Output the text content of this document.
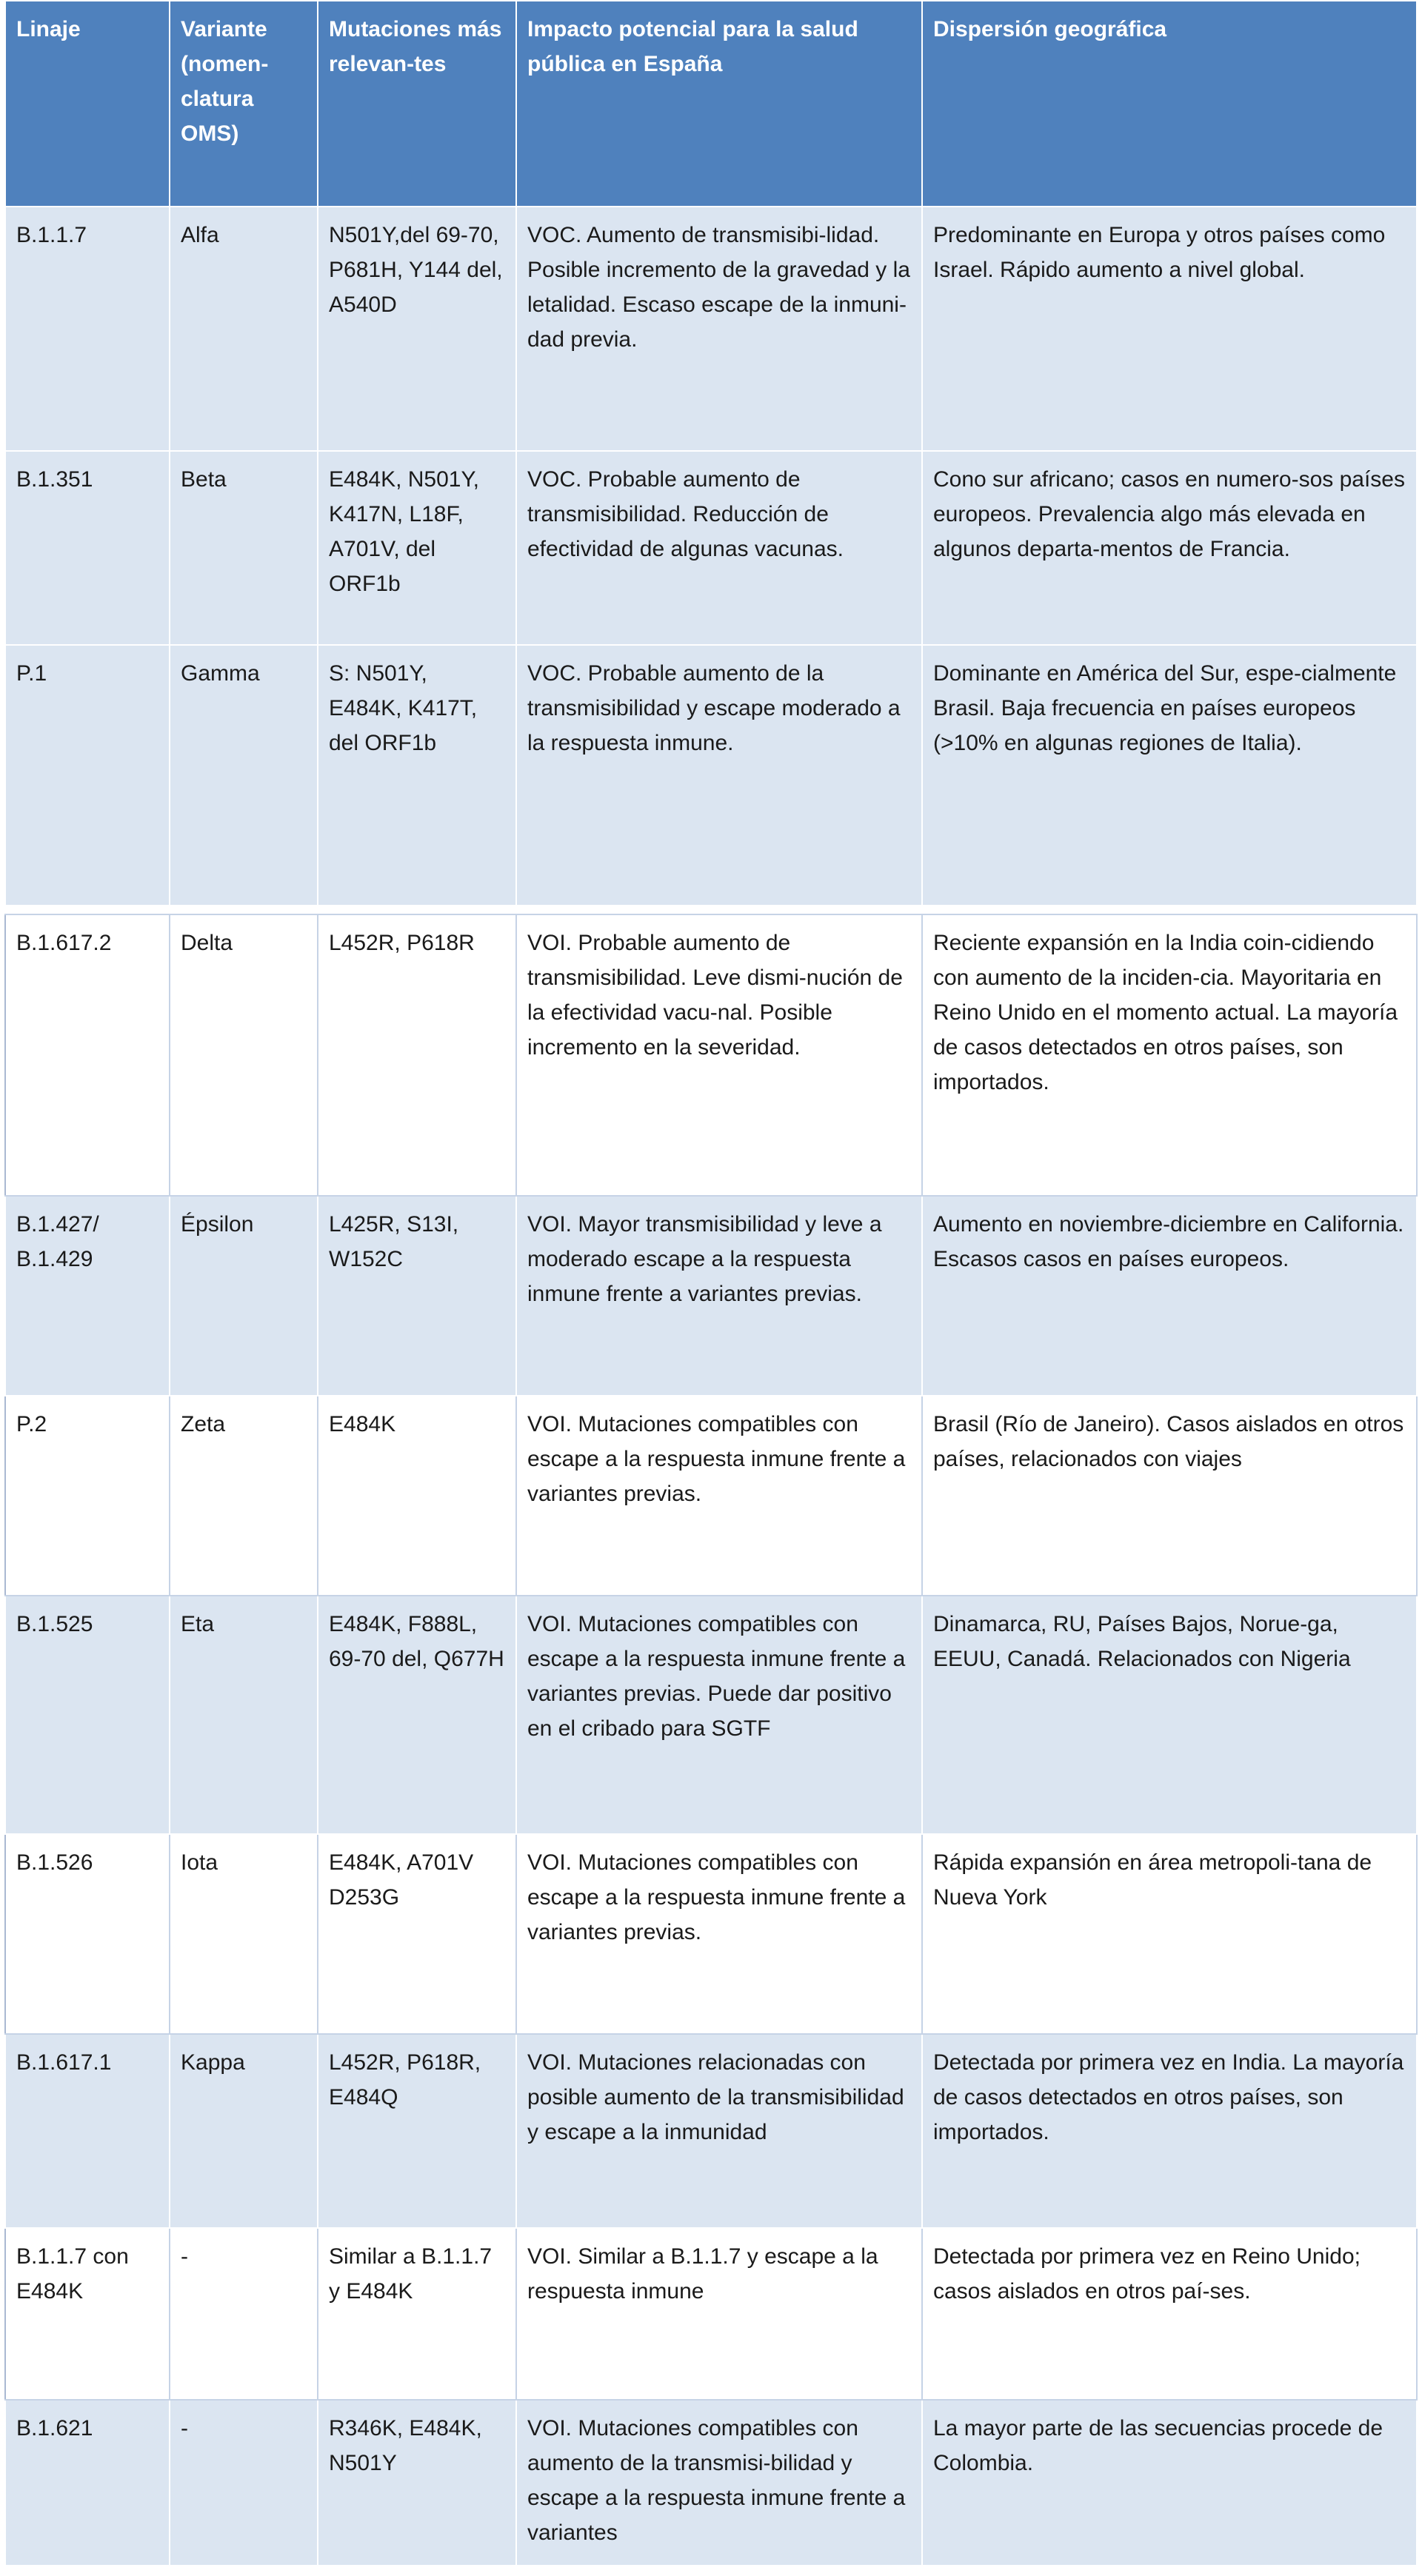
Linaje	Variante (nomen-clatura OMS)	Mutaciones más relevan-tes	Impacto potencial para la salud pública en España	Dispersión geográfica
B.1.1.7	Alfa	N501Y,del 69-70, P681H, Y144 del, A540D	VOC. Aumento de transmisibi-lidad. Posible incremento de la gravedad y la letalidad. Escaso escape de la inmuni-dad previa.	Predominante en Europa y otros países como Israel. Rápido aumento a nivel global.
B.1.351	Beta	E484K, N501Y, K417N, L18F, A701V, del ORF1b	VOC. Probable aumento de transmisibilidad. Reducción de efectividad de algunas vacunas.	Cono sur africano; casos en numero-sos países europeos. Prevalencia algo más elevada en algunos departa-mentos de Francia.
P.1	Gamma	S: N501Y, E484K, K417T, del ORF1b	VOC. Probable aumento de la transmisibilidad y escape moderado a la respuesta inmune.	Dominante en América del Sur, espe-cialmente Brasil. Baja frecuencia en países europeos (>10% en algunas regiones de Italia).
B.1.617.2	Delta	L452R, P618R	VOI. Probable aumento de transmisibilidad. Leve dismi-nución de la efectividad vacu-nal. Posible incremento en la severidad.	Reciente expansión en la India coin-cidiendo con aumento de la inciden-cia. Mayoritaria en Reino Unido en el momento actual. La mayoría de casos detectados en otros países, son importados.
B.1.427/ B.1.429	Épsilon	L425R, S13I, W152C	VOI. Mayor transmisibilidad y leve a moderado escape a la respuesta inmune frente a variantes previas.	Aumento en noviembre-diciembre en California. Escasos casos en países europeos.
P.2	Zeta	E484K	VOI. Mutaciones compatibles con escape a la respuesta inmune frente a variantes previas.	Brasil (Río de Janeiro). Casos aislados en otros países, relacionados con viajes
B.1.525	Eta	E484K, F888L, 69-70 del, Q677H	VOI. Mutaciones compatibles con escape a la respuesta inmune frente a variantes previas. Puede dar positivo en el cribado para SGTF	Dinamarca, RU, Países Bajos, Norue-ga, EEUU, Canadá. Relacionados con Nigeria
B.1.526	Iota	E484K, A701V D253G	VOI. Mutaciones compatibles con escape a la respuesta inmune frente a variantes previas.	Rápida expansión en área metropoli-tana de Nueva York
B.1.617.1	Kappa	L452R, P618R, E484Q	VOI. Mutaciones relacionadas con posible aumento de la transmisibilidad y escape a la inmunidad	Detectada por primera vez en India. La mayoría de casos detectados en otros países, son importados.
B.1.1.7 con E484K	-	Similar a B.1.1.7 y E484K	VOI. Similar a B.1.1.7 y escape a la respuesta inmune	Detectada por primera vez en Reino Unido; casos aislados en otros paí-ses.
B.1.621	-	R346K, E484K, N501Y	VOI. Mutaciones compatibles con aumento de la transmisi-bilidad y escape a la respuesta inmune frente a variantes	La mayor parte de las secuencias procede de Colombia.
